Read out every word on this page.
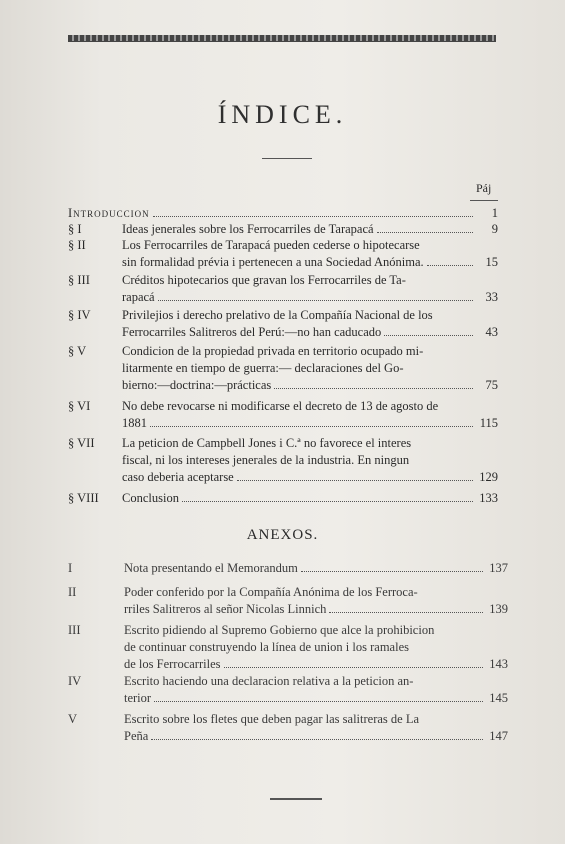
ÍNDICE.
Páj
Introduccion	1
§ I	Ideas jenerales sobre los Ferrocarriles de Tarapacá	9
§ II	Los Ferrocarriles de Tarapacá pueden cederse o hipotecarse
sin formalidad prévia i pertenecen a una Sociedad Anónima.	15
§ III	Créditos hipotecarios que gravan los Ferrocarriles de Ta-
rapacá	33
§ IV	Privilejios i derecho prelativo de la Compañía Nacional de los
Ferrocarriles Salitreros del Perú:—no han caducado	43
§ V	Condicion de la propiedad privada en territorio ocupado mi-
litarmente en tiempo de guerra:— declaraciones del Go-
bierno:—doctrina:—prácticas	75
§ VI	No debe revocarse ni modificarse el decreto de 13 de agosto de
1881	115
§ VII	La peticion de Campbell Jones i C.ª no favorece el interes
fiscal, ni los intereses jenerales de la industria. En ningun
caso deberia aceptarse	129
§ VIII	Conclusion	133
ANEXOS.
I	Nota presentando el Memorandum	137
II	Poder conferido por la Compañía Anónima de los Ferroca-
rriles Salitreros al señor Nicolas Linnich	139
III	Escrito pidiendo al Supremo Gobierno que alce la prohibicion
de continuar construyendo la línea de union i los ramales
de los Ferrocarriles	143
IV	Escrito haciendo una declaracion relativa a la peticion an-
terior	145
V	Escrito sobre los fletes que deben pagar las salitreras de La
Peña	147
